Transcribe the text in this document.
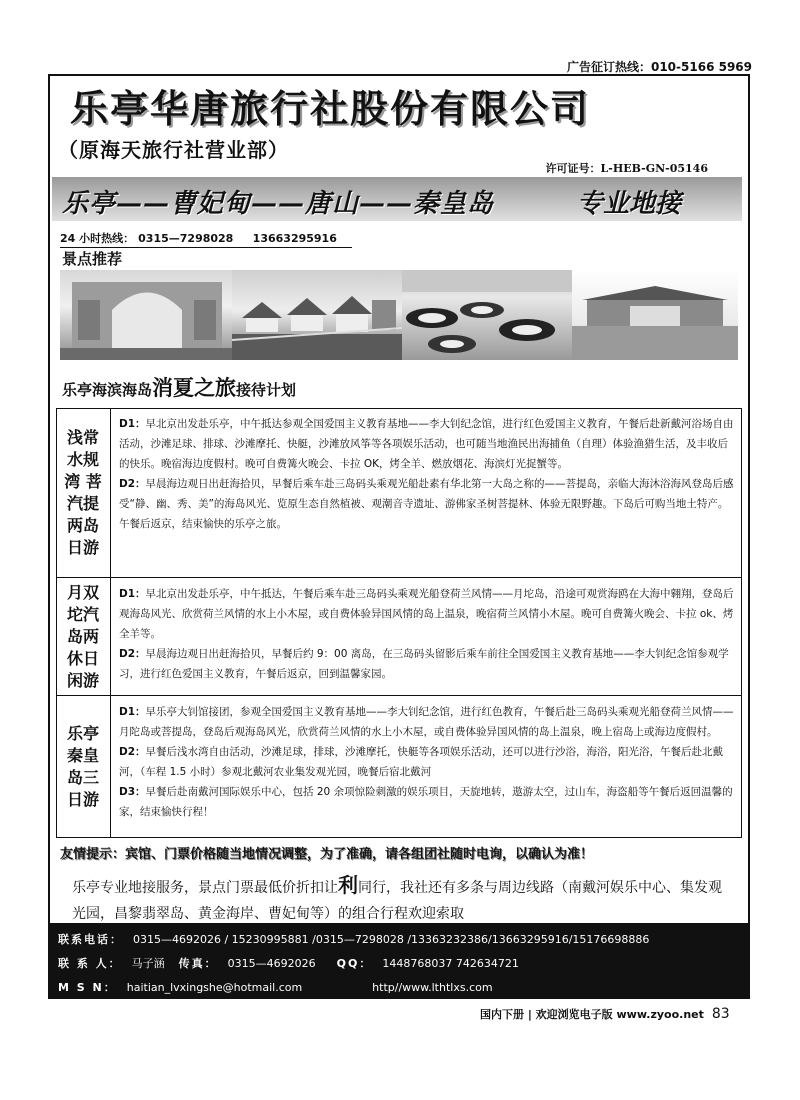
广告征订热线：010-5166 5969
乐亭华唐旅行社股份有限公司
（原海天旅行社营业部）
许可证号：L-HEB-GN-05146
乐亭——曹妃甸——唐山——秦皇岛	专业地接
24 小时热线： 0315—7298028 13663295916
景点推荐
乐亭海滨海岛消夏之旅接待计划
浅常水规湾 菩汽提两岛日游
D1：早北京出发赴乐亭，中午抵达参观全国爱国主义教育基地——李大钊纪念馆，进行红色爱国主义教育，午餐后赴新戴河浴场自由活动，沙滩足球、排球、沙滩摩托、快艇，沙滩放风筝等各项娱乐活动，也可随当地渔民出海捕鱼（自理）体验渔猎生活，及丰收后的快乐。晚宿海边度假村。晚可自费篝火晚会、卡拉 OK，烤全羊、燃放烟花、海滨灯光捉蟹等。
D2：早晨海边观日出赶海拾贝，早餐后乘车赴三岛码头乘观光船赴素有华北第一大岛之称的——菩提岛，亲临大海沐浴海风登岛后感受“静、幽、秀、美”的海岛风光、览原生态自然植被、观潮音寺遗址、游佛家圣树菩提林、体验无限野趣。下岛后可购当地土特产。午餐后返京，结束愉快的乐亭之旅。
月双坨汽岛两休日闲游
D1：早北京出发赴乐亭，中午抵达，午餐后乘车赴三岛码头乘观光船登荷兰风情——月坨岛，沿途可观赏海鸥在大海中翱翔，登岛后观海岛风光、欣赏荷兰风情的水上小木屋，或自费体验异国风情的岛上温泉，晚宿荷兰风情小木屋。晚可自费篝火晚会、卡拉 ok、烤全羊等。
D2：早晨海边观日出赶海拾贝，早餐后约 9：00 离岛，在三岛码头留影后乘车前往全国爱国主义教育基地——李大钊纪念馆参观学习，进行红色爱国主义教育，午餐后返京，回到温馨家园。
乐亭秦皇岛三日游
D1：早乐亭大钊馆接团，参观全国爱国主义教育基地——李大钊纪念馆，进行红色教育，午餐后赴三岛码头乘观光船登荷兰风情——月陀岛或菩提岛，登岛后观海岛风光，欣赏荷兰风情的水上小木屋，或自费体验异国风情的岛上温泉，晚上宿岛上或海边度假村。
D2：早餐后浅水湾自由活动，沙滩足球，排球，沙滩摩托，快艇等各项娱乐活动，还可以进行沙浴，海浴，阳光浴，午餐后赴北戴河，（车程 1.5 小时）参观北戴河农业集发观光园，晚餐后宿北戴河
D3：早餐后赴南戴河国际娱乐中心，包括 20 余项惊险刺激的娱乐项目，天旋地转，遨游太空，过山车，海盗船等午餐后返回温馨的家，结束愉快行程！
友情提示：宾馆、门票价格随当地情况调整，为了准确，请各组团社随时电询，以确认为准！
乐亭专业地接服务，景点门票最低价折扣让利同行，我社还有多条与周边线路（南戴河娱乐中心、集发观光园，昌黎翡翠岛、黄金海岸、曹妃甸等）的组合行程欢迎索取
联系电话： 0315—4692026 / 15230995881 /0315—7298028 /13363232386/13663295916/15176698886
联 系 人： 马子涵 传真： 0315—4692026 QQ： 1448768037 742634721
M S N： haitian_lvxingshe@hotmail.com	http//www.lthtlxs.com
国内下册 | 欢迎浏览电子版 www.zyoo.net 83
